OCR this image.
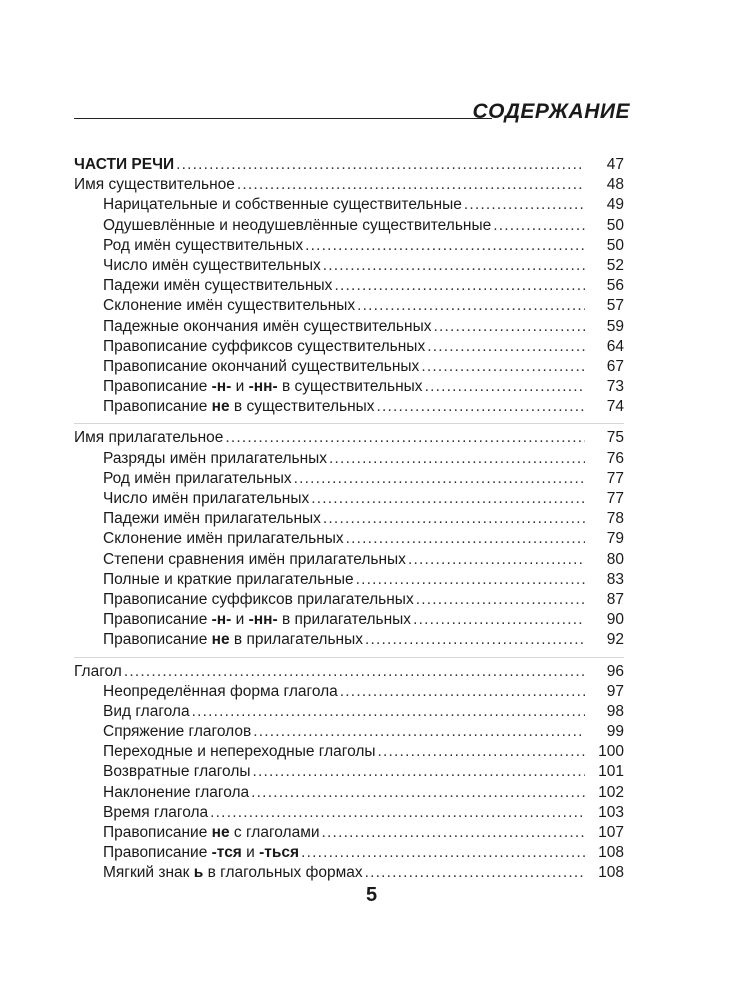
СОДЕРЖАНИЕ
ЧАСТИ РЕЧИ .....	47
Имя существительное .....	48
Нарицательные и собственные существительные .....	49
Одушевлённые и неодушевлённые существительные .....	50
Род имён существительных .....	50
Число имён существительных .....	52
Падежи имён существительных .....	56
Склонение имён существительных .....	57
Падежные окончания имён существительных .....	59
Правописание суффиксов существительных .....	64
Правописание окончаний существительных .....	67
Правописание -н- и -нн- в существительных .....	73
Правописание не в существительных .....	74
Имя прилагательное .....	75
Разряды имён прилагательных .....	76
Род имён прилагательных .....	77
Число имён прилагательных .....	77
Падежи имён прилагательных .....	78
Склонение имён прилагательных .....	79
Степени сравнения имён прилагательных .....	80
Полные и краткие прилагательные .....	83
Правописание суффиксов прилагательных .....	87
Правописание -н- и -нн- в прилагательных .....	90
Правописание не в прилагательных .....	92
Глагол .....	96
Неопределённая форма глагола .....	97
Вид глагола .....	98
Спряжение глаголов .....	99
Переходные и непереходные глаголы .....	100
Возвратные глаголы .....	101
Наклонение глагола .....	102
Время глагола .....	103
Правописание не с глаголами .....	107
Правописание -тся и -ться .....	108
Мягкий знак ь в глагольных формах .....	108
5
